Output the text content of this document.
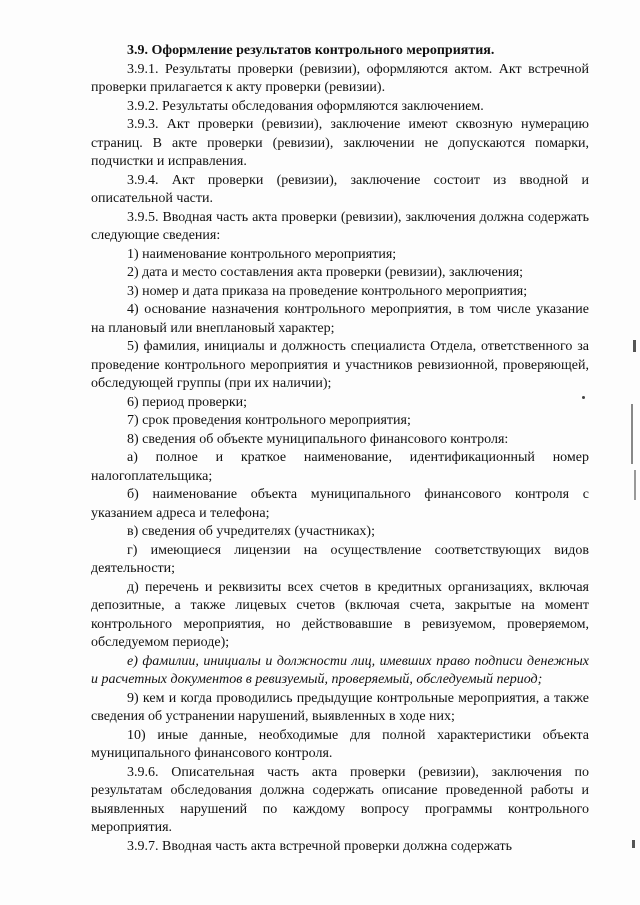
3.9. Оформление результатов контрольного мероприятия.

3.9.1. Результаты проверки (ревизии), оформляются актом. Акт встречной проверки прилагается к акту проверки (ревизии).

3.9.2. Результаты обследования оформляются заключением.

3.9.3. Акт проверки (ревизии), заключение имеют сквозную нумерацию страниц. В акте проверки (ревизии), заключении не допускаются помарки, подчистки и исправления.

3.9.4. Акт проверки (ревизии), заключение состоит из вводной и описательной части.

3.9.5. Вводная часть акта проверки (ревизии), заключения должна содержать следующие сведения:

1) наименование контрольного мероприятия;

2) дата и место составления акта проверки (ревизии), заключения;

3) номер и дата приказа на проведение контрольного мероприятия;

4) основание назначения контрольного мероприятия, в том числе указание на плановый или внеплановый характер;

5) фамилия, инициалы и должность специалиста Отдела, ответственного за проведение контрольного мероприятия и участников ревизионной, проверяющей, обследующей группы (при их наличии);

6) период проверки;

7) срок проведения контрольного мероприятия;

8) сведения об объекте муниципального финансового контроля:

а) полное и краткое наименование, идентификационный номер налогоплательщика;

б) наименование объекта муниципального финансового контроля с указанием адреса и телефона;

в) сведения об учредителях (участниках);

г) имеющиеся лицензии на осуществление соответствующих видов деятельности;

д) перечень и реквизиты всех счетов в кредитных организациях, включая депозитные, а также лицевых счетов (включая счета, закрытые на момент контрольного мероприятия, но действовавшие в ревизуемом, проверяемом, обследуемом периоде);

е) фамилии, инициалы и должности лиц, имевших право подписи денежных и расчетных документов в ревизуемый, проверяемый, обследуемый период;

9) кем и когда проводились предыдущие контрольные мероприятия, а также сведения об устранении нарушений, выявленных в ходе них;

10) иные данные, необходимые для полной характеристики объекта муниципального финансового контроля.

3.9.6. Описательная часть акта проверки (ревизии), заключения по результатам обследования должна содержать описание проведенной работы и выявленных нарушений по каждому вопросу программы контрольного мероприятия.

3.9.7. Вводная часть акта встречной проверки должна содержать
